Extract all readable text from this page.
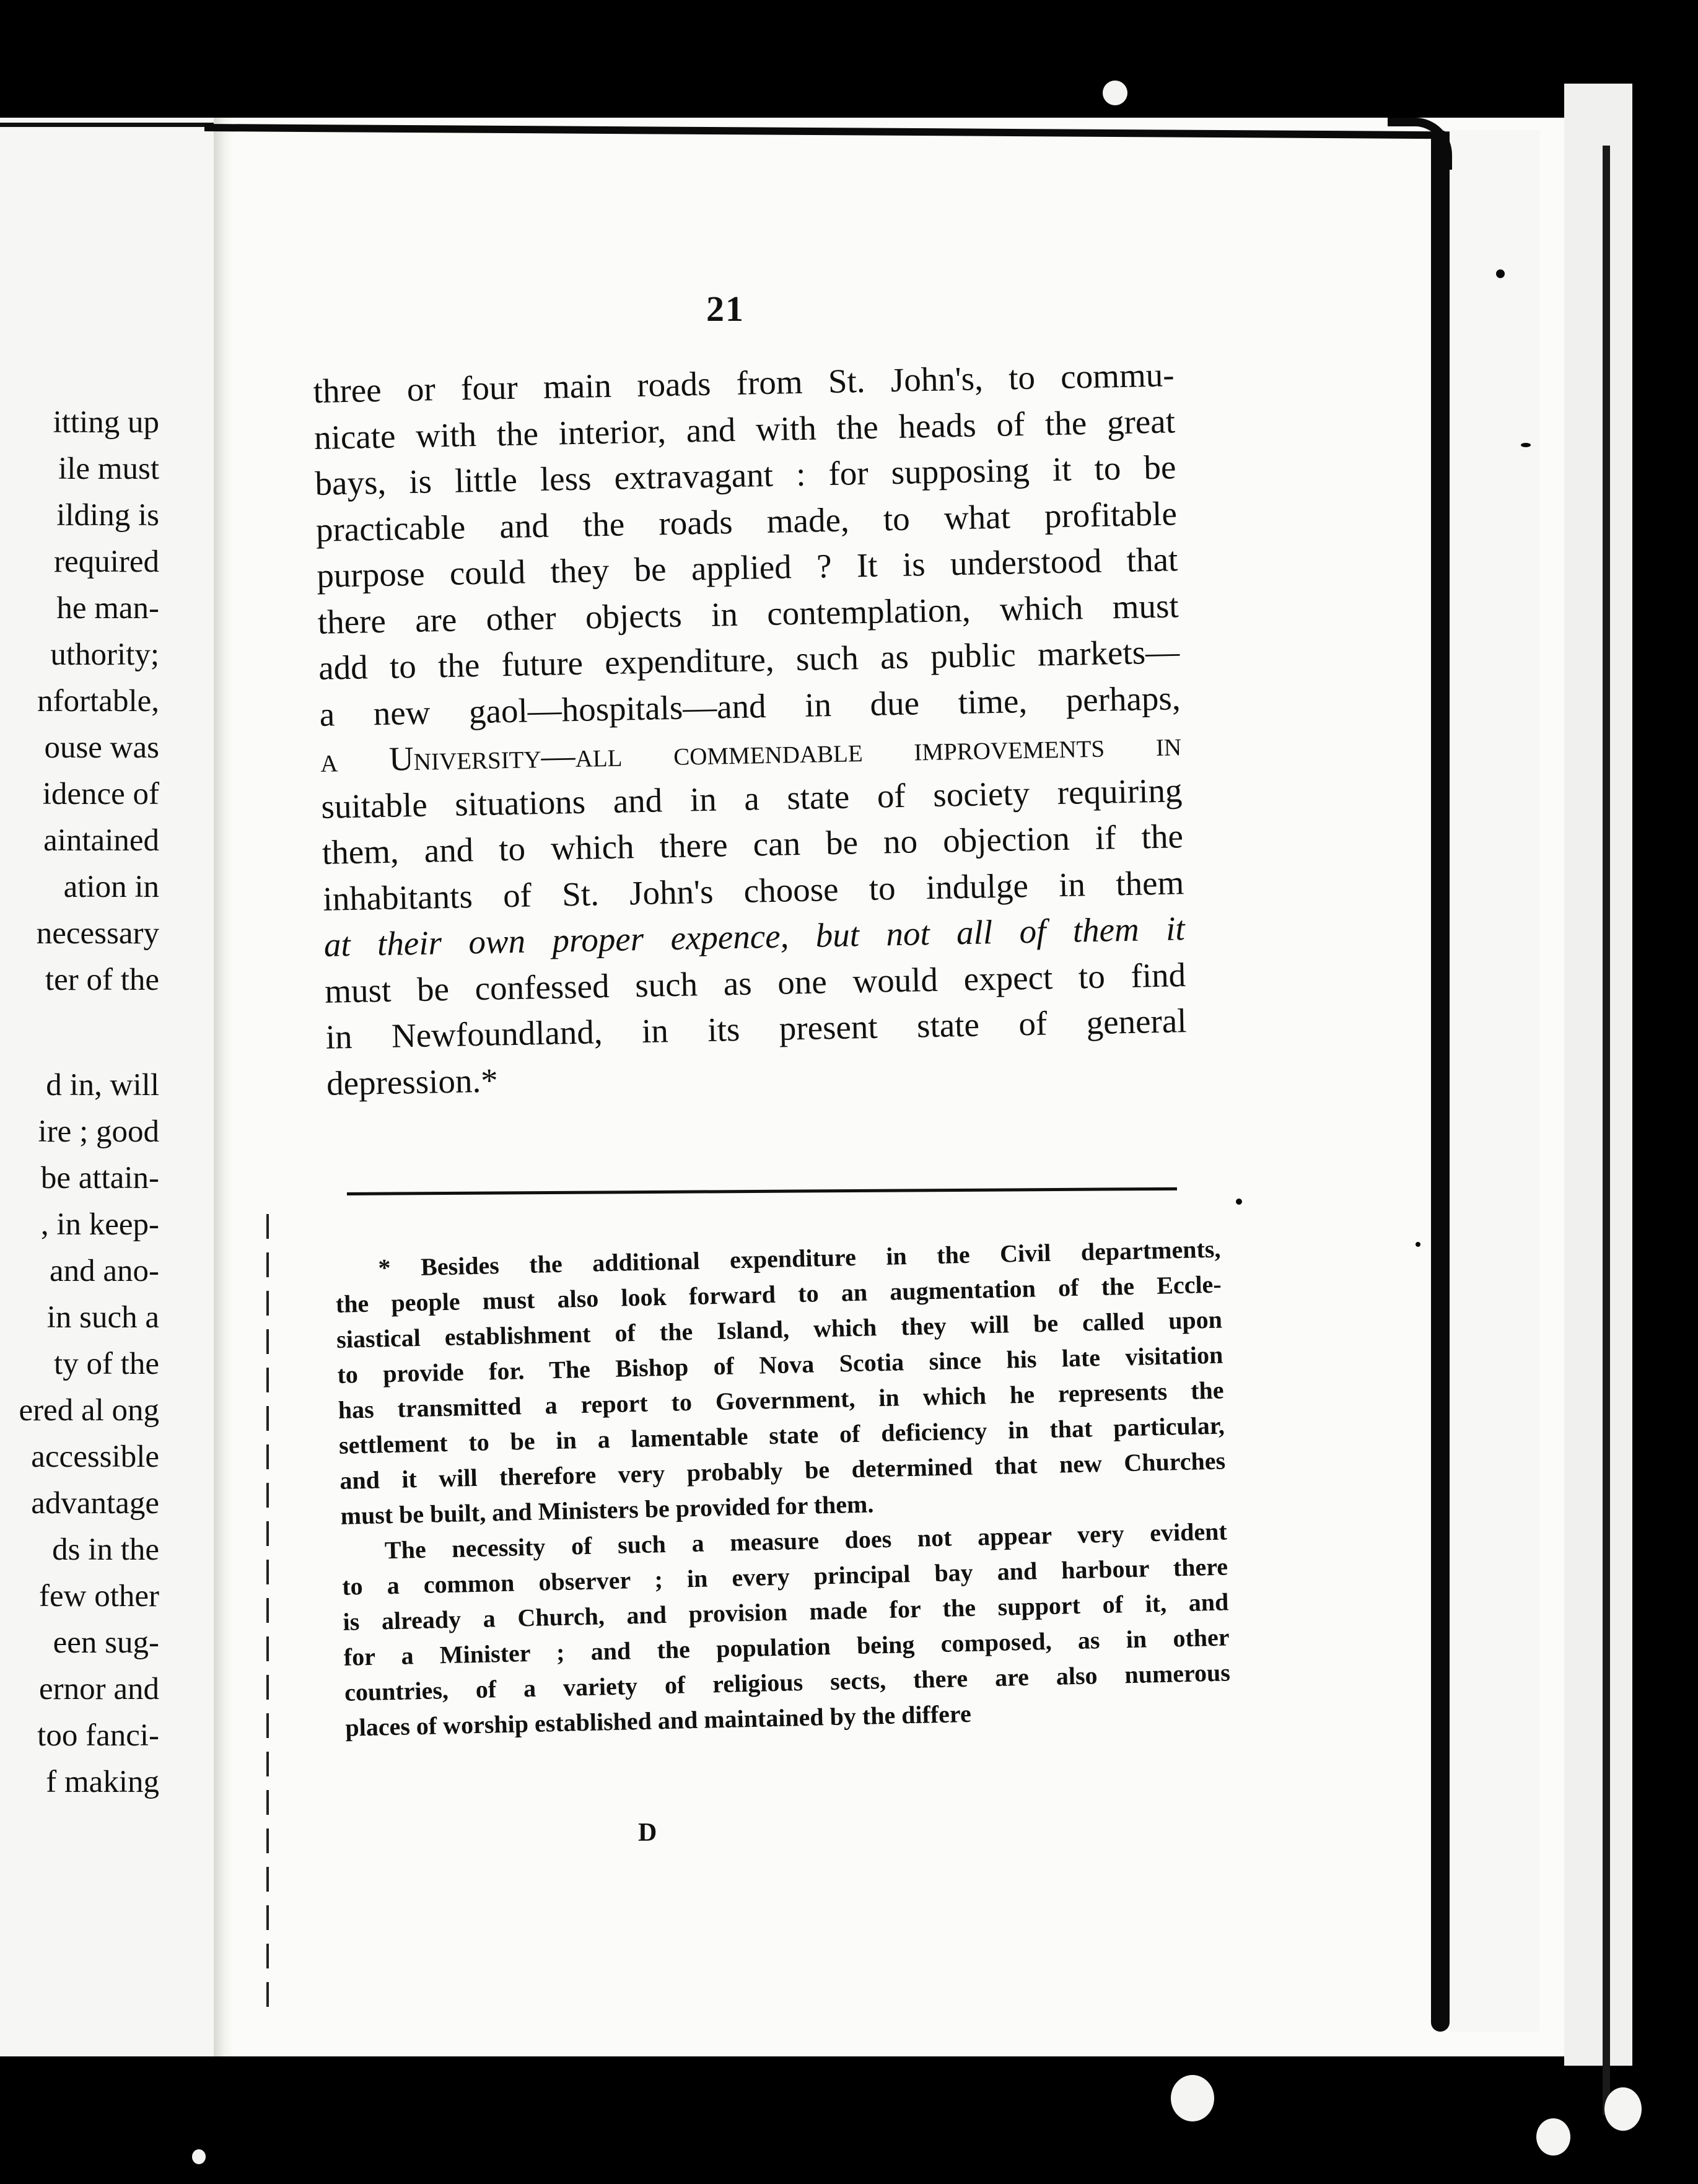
itting up
ile must
ilding is
required
he man-
uthority;
nfortable,
ouse was
idence of
aintained
ation in
necessary
ter of the
d in, will
ire ; good
be attain-
, in keep-
and ano-
in such a
ty of the
ered al ong
accessible
advantage
ds in the
few other
een sug-
ernor and
too fanci-
f making
21
three or four main roads from St. John's, to commu-
nicate with the interior, and with the heads of the great
bays, is little less extravagant : for supposing it to be
practicable and the roads made, to what profitable
purpose could they be applied ? It is understood that
there are other objects in contemplation, which must
add to the future expenditure, such as public markets—
a new gaol—hospitals—and in due time, perhaps,
a University—all commendable improvements in
suitable situations and in a state of society requiring
them, and to which there can be no objection if the
inhabitants of St. John's choose to indulge in them
at their own proper expence, but not all of them it
must be confessed such as one would expect to find
in Newfoundland, in its present state of general
depression.*
* Besides the additional expenditure in the Civil departments,
the people must also look forward to an augmentation of the Eccle-
siastical establishment of the Island, which they will be called upon
to provide for. The Bishop of Nova Scotia since his late visitation
has transmitted a report to Government, in which he represents the
settlement to be in a lamentable state of deficiency in that particular,
and it will therefore very probably be determined that new Churches
must be built, and Ministers be provided for them.
The necessity of such a measure does not appear very evident
to a common observer ; in every principal bay and harbour there
is already a Church, and provision made for the support of it, and
for a Minister ; and the population being composed, as in other
countries, of a variety of religious sects, there are also numerous
places of worship established and maintained by the differe
D
